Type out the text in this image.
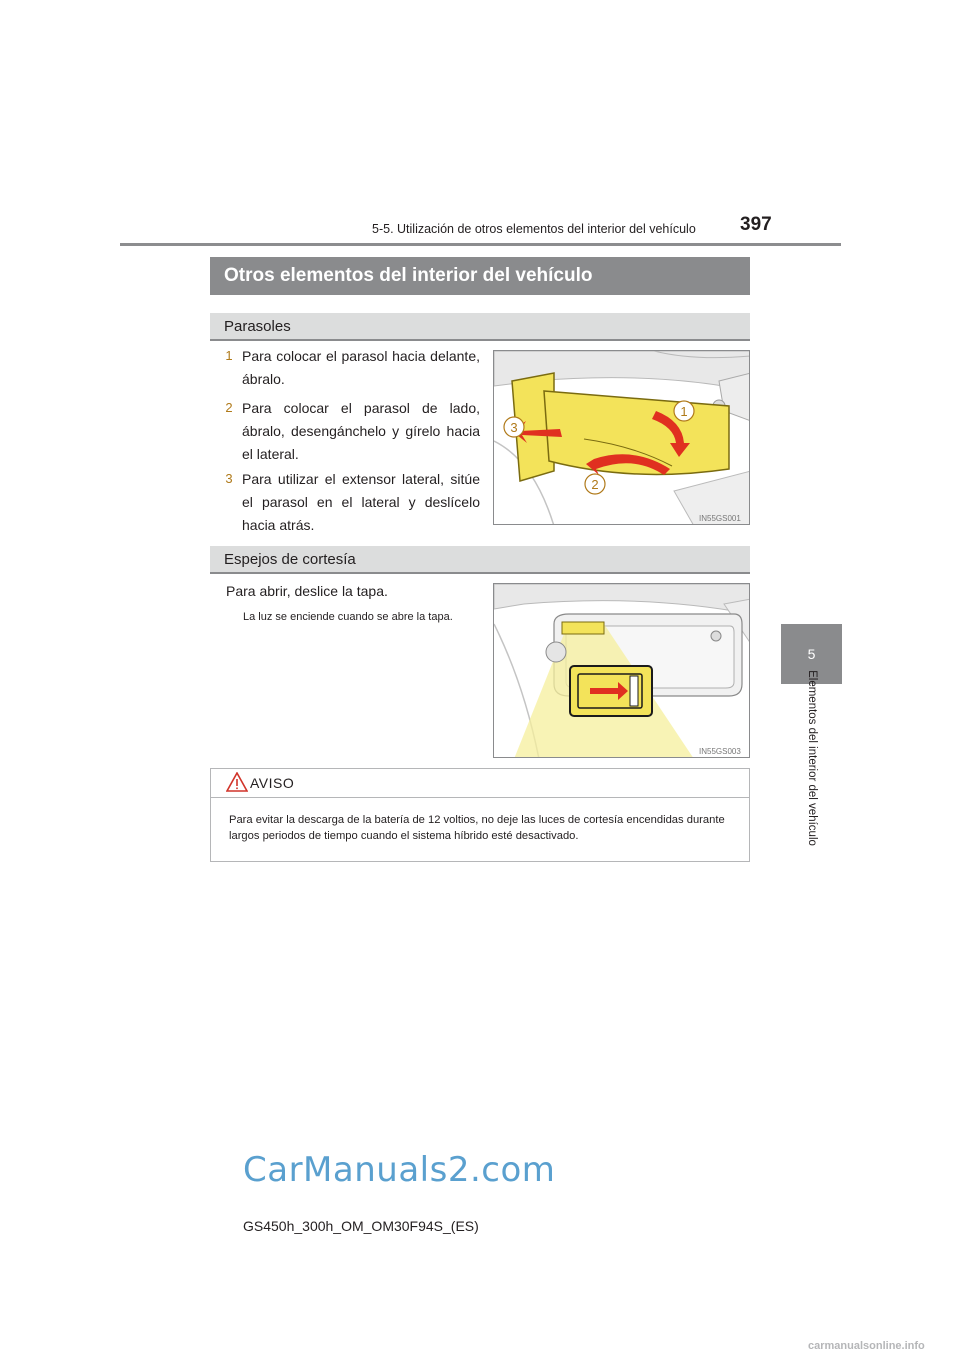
5-5. Utilización de otros elementos del interior del vehículo 397
5
Elementos del interior del vehículo
Otros elementos del interior del vehículo
Parasoles
1 Para colocar el parasol hacia delante, ábralo.
2 Para colocar el parasol de lado, ábralo, desengánchelo y gírelo hacia el lateral.
3 Para utilizar el extensor lateral, sitúe el parasol en el lateral y deslícelo hacia atrás.
1
2
3
IN55GS001
Espejos de cortesía
Para abrir, deslice la tapa.
La luz se enciende cuando se abre la tapa.
IN55GS003
AVISO
Para evitar la descarga de la batería de 12 voltios, no deje las luces de cortesía encendidas durante largos periodos de tiempo cuando el sistema híbrido esté desactivado.
CarManuals2.com
GS450h_300h_OM_OM30F94S_(ES)
carmanualsonline.info
